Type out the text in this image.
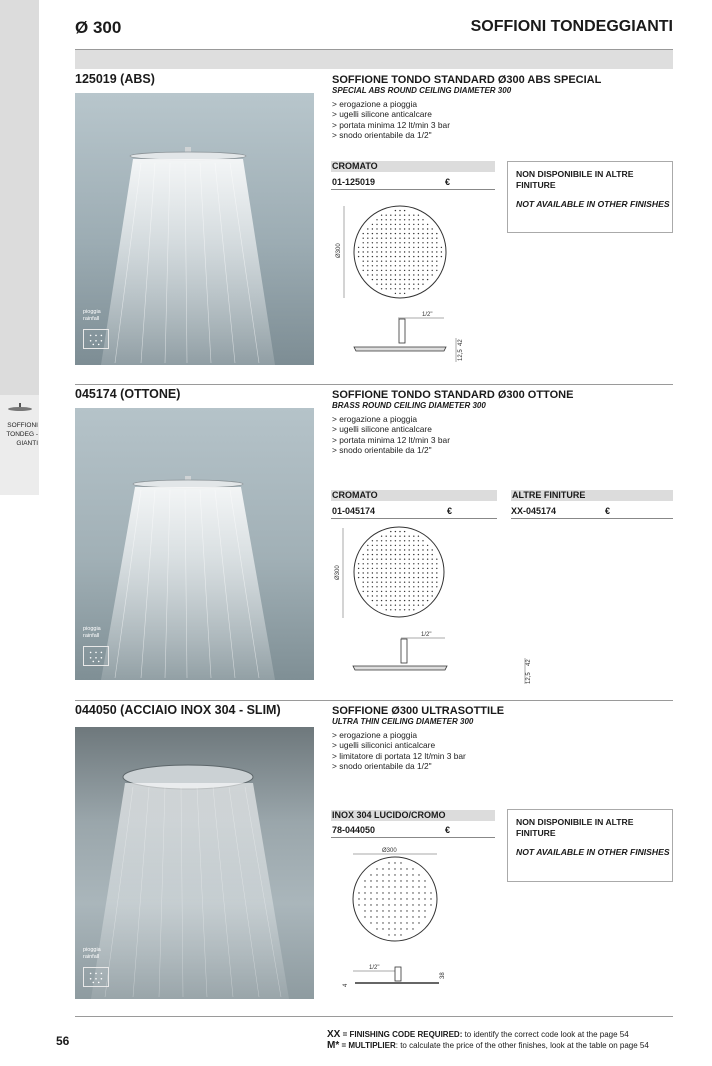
SOFFIONI
TONDEG -
GIANTI
Ø 300	SOFFIONI TONDEGGIANTI
125019 (ABS)
pioggia
rainfall
SOFFIONE TONDO STANDARD Ø300 ABS SPECIAL
SPECIAL ABS ROUND CEILING DIAMETER 300
> erogazione a pioggia
> ugelli silicone anticalcare
> portata minima 12 lt/min 3 bar
> snodo orientabile da 1/2"
CROMATO
01-125019	€
NON DISPONIBILE IN ALTRE FINITURE
NOT AVAILABLE IN OTHER FINISHES
Ø300
1/2"
12,5
42
045174 (OTTONE)
pioggia
rainfall
SOFFIONE TONDO STANDARD Ø300 OTTONE
BRASS ROUND CEILING DIAMETER 300
> erogazione a pioggia
> ugelli silicone anticalcare
> portata minima 12 lt/min 3 bar
> snodo orientabile da 1/2"
CROMATO
01-045174	€
ALTRE FINITURE
XX-045174	€
Ø300
1/2"
12,5
42
044050 (ACCIAIO INOX 304 - SLIM)
pioggia
rainfall
SOFFIONE Ø300 ULTRASOTTILE
ULTRA THIN CEILING DIAMETER 300
> erogazione a pioggia
> ugelli siliconici anticalcare
> limitatore di portata 12 lt/min 3 bar
> snodo orientabile da 1/2"
INOX 304 LUCIDO/CROMO
78-044050	€
NON DISPONIBILE IN ALTRE FINITURE
NOT AVAILABLE IN OTHER FINISHES
Ø300
1/2"
4
38
56	XX = FINISHING CODE REQUIRED: to identify the correct code look at the page 54
M* = MULTIPLIER: to calculate the price of the other finishes, look at the table on page 54
